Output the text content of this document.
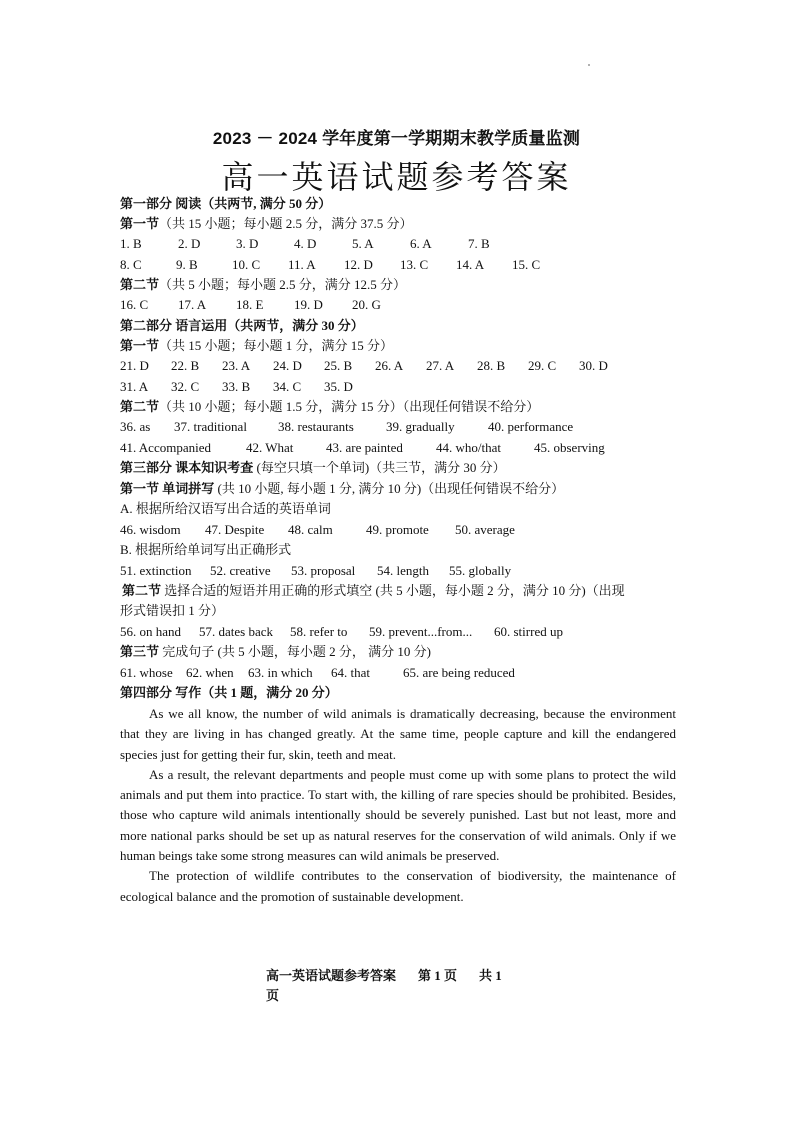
2023 － 2024 学年度第一学期期末教学质量监测
高一英语试题参考答案
第一部分 阅读（共两节, 满分 50 分）
第一节（共 15 小题；每小题 2.5 分，满分 37.5 分）
1. B	2. D	3. D	4. D	5. A	6. A	7. B
8. C	9. B	10. C 11. A 12. D 13. C 14. A 15. C
第二节（共 5 小题；每小题 2.5 分，满分 12.5 分）
16. C 17. A 18. E 19. D 20. G
第二部分 语言运用（共两节，满分 30 分）
第一节（共 15 小题；每小题 1 分，满分 15 分）
21. D 22. B 23. A 24. D 25. B 26. A 27. A 28. B 29. C 30. D
31. A 32. C 33. B 34. C 35. D
第二节（共 10 小题；每小题 1.5 分，满分 15 分）（出现任何错误不给分）
36. as 37. traditional 38. restaurants 39. gradually	40. performance
41. Accompanied	42. What	43. are painted	44. who/that	45. observing
第三部分 课本知识考查 (每空只填一个单词)（共三节，满分 30 分）
第一节 单词拼写 (共 10 小题, 每小题 1 分, 满分 10 分)（出现任何错误不给分）
A. 根据所给汉语写出合适的英语单词
46. wisdom 47. Despite 48. calm	49. promote 50. average
B. 根据所给单词写出正确形式
51. extinction 52. creative 53. proposal 54. length 55. globally
第二节 选择合适的短语并用正确的形式填空 (共 5 小题，每小题 2 分，满分 10 分)（出现
形式错误扣 1 分）
56. on hand 57. dates back 58. refer to 59. prevent...from... 60. stirred up
第三节 完成句子 (共 5 小题，每小题 2 分， 满分 10 分)
61. whose 62. when 63. in which 64. that	65. are being reduced
第四部分 写作（共 1 题，满分 20 分）

As we all know, the number of wild animals is dramatically decreasing, because the environment that they are living in has changed greatly. At the same time, people capture and kill the endangered species just for getting their fur, skin, teeth and meat.

As a result, the relevant departments and people must come up with some plans to protect the wild animals and put them into practice. To start with, the killing of rare species should be prohibited. Besides, those who capture wild animals intentionally should be severely punished. Last but not least, more and more national parks should be set up as natural reserves for the conservation of wild animals. Only if we human beings take some strong measures can wild animals be preserved.

The protection of wildlife contributes to the conservation of biodiversity, the maintenance of ecological balance and the promotion of sustainable development.

高一英语试题参考答案 第 1 页 共 1
页
